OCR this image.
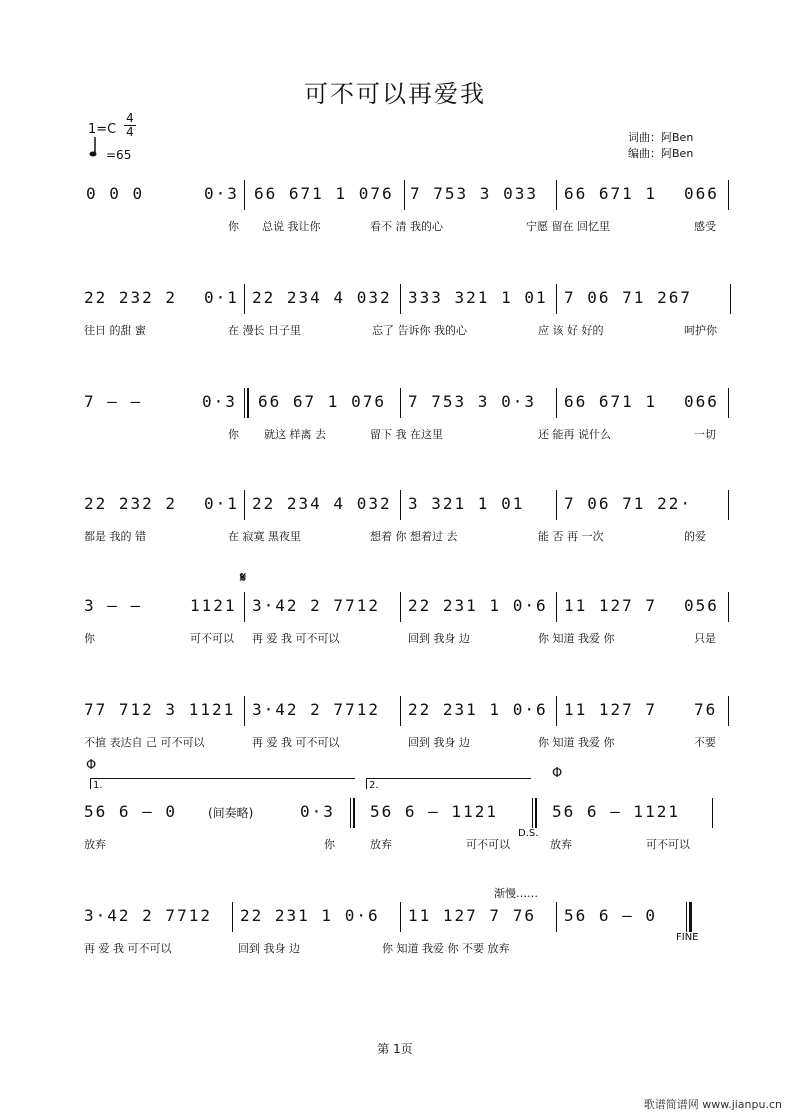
可不可以再爱我
$1=C \frac{4}{4}$
=65
词曲：阿Ben
编曲：阿Ben
0 0 0	0·3 66 671 1 076 7 753 3 033 66 671 1 066
你 总说 我让你	看不 清 我的心	宁愿 留在 回忆里	感受
22 232 2 0·1 22 234 4 032 333 321 1 01 7 06 71 267
往日 的甜 蜜	在 漫长 日子里	忘了 告诉你 我的心	应 该 好 好的	呵护你
7 — —	0·3 66 67 1 076 7 753 3 0·3 66 671 1 066
你 就这 样离 去	留下 我 在这里	还 能再 说什么	一切
22 232 2 0·1 22 234 4 032 3 321 1 01 7 06 71 22·
都是 我的 错	在 寂寞 黑夜里	想着 你 想着过 去	能 否 再 一次	的爱
𝄋
3 — —	1121 3·42 2 7712 22 231 1 0·6 11 127 7 056
你	可不可以 再 爱 我 可不可以	回到 我身 边	你 知道 我爱 你	只是
77 712 3 1121 3·42 2 7712 22 231 1 0·6 11 127 7 76
不揎 表达自 己 可不可以	再 爱 我 可不可以	回到 我身 边	你 知道 我爱 你	不要
Φ
Φ
1.	2.
56 6 — 0	(间奏略)	0·3 56 6 — 1121	56 6 — 1121
放弃	你	放弃	可不可以
D.S.
放弃	可不可以
渐慢……
3·42 2 7712 22 231 1 0·6 11 127 7 76 56 6 — 0
FINE
再 爱 我 可不可以	回到 我身 边	你 知道 我爱 你 不要 放弃
第 1页
歌谱简谱网 www.jianpu.cn
